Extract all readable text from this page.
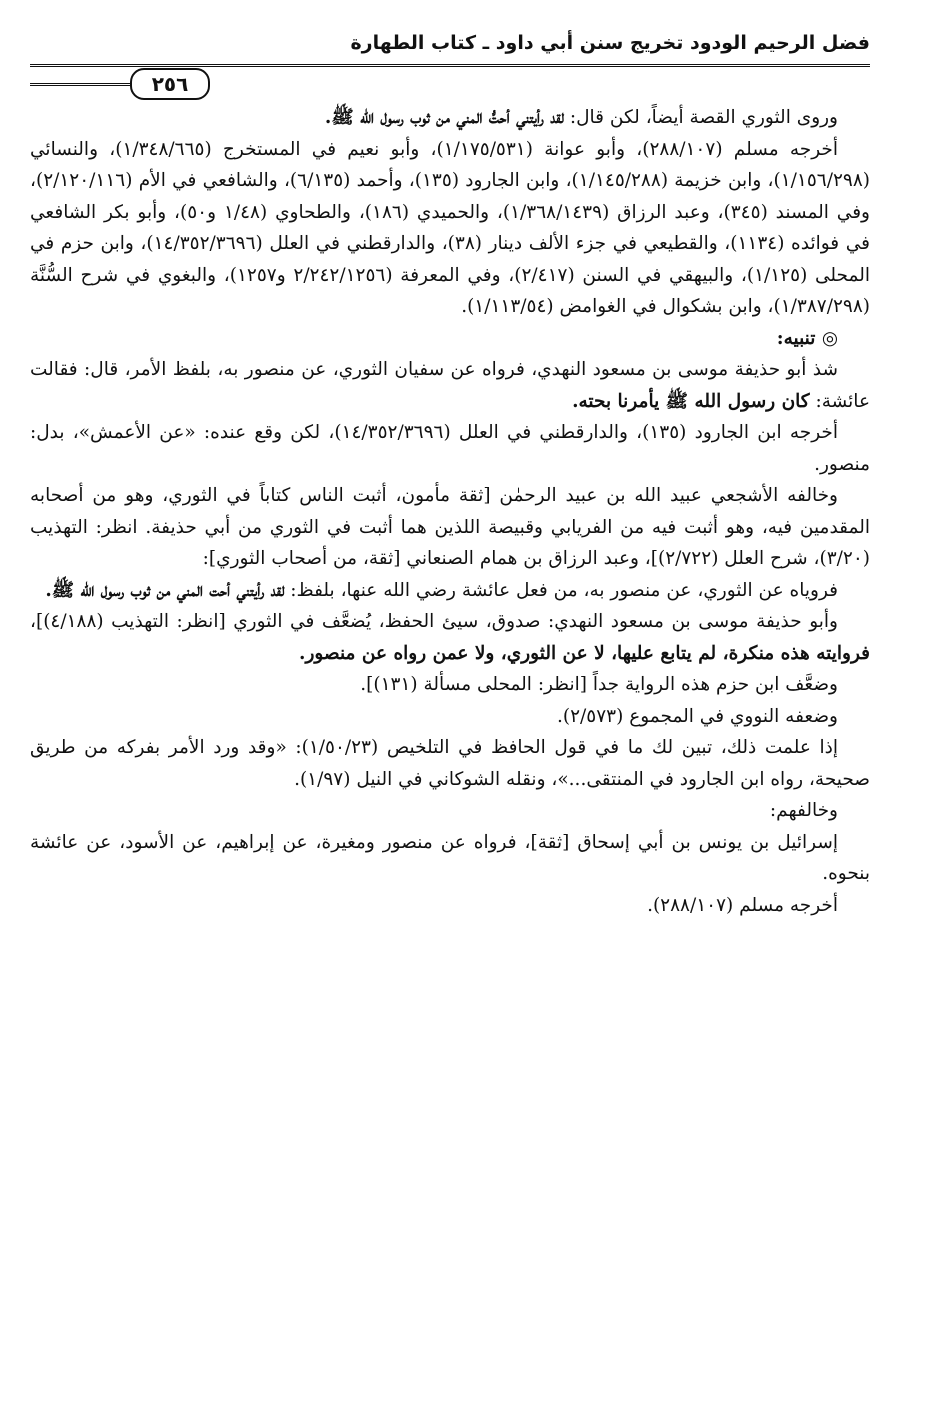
فضل الرحيم الودود تخريج سنن أبي داود ـ كتاب الطهارة
٢٥٦

وروى الثوري القصة أيضاً، لكن قال: لقد رأيتني أحتُّ المني من ثوب رسول الله ﷺ.

أخرجه مسلم (٢٨٨/١٠٧)، وأبو عوانة (١/١٧٥/٥٣١)، وأبو نعيم في المستخرج (١/٣٤٨/٦٦٥)، والنسائي (١/١٥٦/٢٩٨)، وابن خزيمة (١/١٤٥/٢٨٨)، وابن الجارود (١٣٥)، وأحمد (٦/١٣٥)، والشافعي في الأم (٢/١٢٠/١١٦)، وفي المسند (٣٤٥)، وعبد الرزاق (١/٣٦٨/١٤٣٩)، والحميدي (١٨٦)، والطحاوي (١/٤٨ و٥٠)، وأبو بكر الشافعي في فوائده (١١٣٤)، والقطيعي في جزء الألف دينار (٣٨)، والدارقطني في العلل (١٤/٣٥٢/٣٦٩٦)، وابن حزم في المحلى (١/١٢٥)، والبيهقي في السنن (٢/٤١٧)، وفي المعرفة (٢/٢٤٢/١٢٥٦ و١٢٥٧)، والبغوي في شرح السُّنَّة (١/٣٨٧/٢٩٨)، وابن بشكوال في الغوامض (١/١١٣/٥٤).

◎ تنبيه:

شذ أبو حذيفة موسى بن مسعود النهدي، فرواه عن سفيان الثوري، عن منصور به، بلفظ الأمر، قال: فقالت عائشة: كان رسول الله ﷺ يأمرنا بحته.

أخرجه ابن الجارود (١٣٥)، والدارقطني في العلل (١٤/٣٥٢/٣٦٩٦)، لكن وقع عنده: «عن الأعمش»، بدل: منصور.

وخالفه الأشجعي عبيد الله بن عبيد الرحمٰن [ثقة مأمون، أثبت الناس كتاباً في الثوري، وهو من أصحابه المقدمين فيه، وهو أثبت فيه من الفريابي وقبيصة اللذين هما أثبت في الثوري من أبي حذيفة. انظر: التهذيب (٣/٢٠)، شرح العلل (٢/٧٢٢)]، وعبد الرزاق بن همام الصنعاني [ثقة، من أصحاب الثوري]:

فروياه عن الثوري، عن منصور به، من فعل عائشة رضي الله عنها، بلفظ: لقد رأيتني أحت المني من ثوب رسول الله ﷺ.

وأبو حذيفة موسى بن مسعود النهدي: صدوق، سيئ الحفظ، يُضعَّف في الثوري [انظر: التهذيب (٤/١٨٨)]، فروايته هذه منكرة، لم يتابع عليها، لا عن الثوري، ولا عمن رواه عن منصور.

وضعَّف ابن حزم هذه الرواية جداً [انظر: المحلى مسألة (١٣١)].

وضعفه النووي في المجموع (٢/٥٧٣).

إذا علمت ذلك، تبين لك ما في قول الحافظ في التلخيص (١/٥٠/٢٣): «وقد ورد الأمر بفركه من طريق صحيحة، رواه ابن الجارود في المنتقى...»، ونقله الشوكاني في النيل (١/٩٧).

وخالفهم:

إسرائيل بن يونس بن أبي إسحاق [ثقة]، فرواه عن منصور ومغيرة، عن إبراهيم، عن الأسود، عن عائشة بنحوه.

أخرجه مسلم (٢٨٨/١٠٧).
